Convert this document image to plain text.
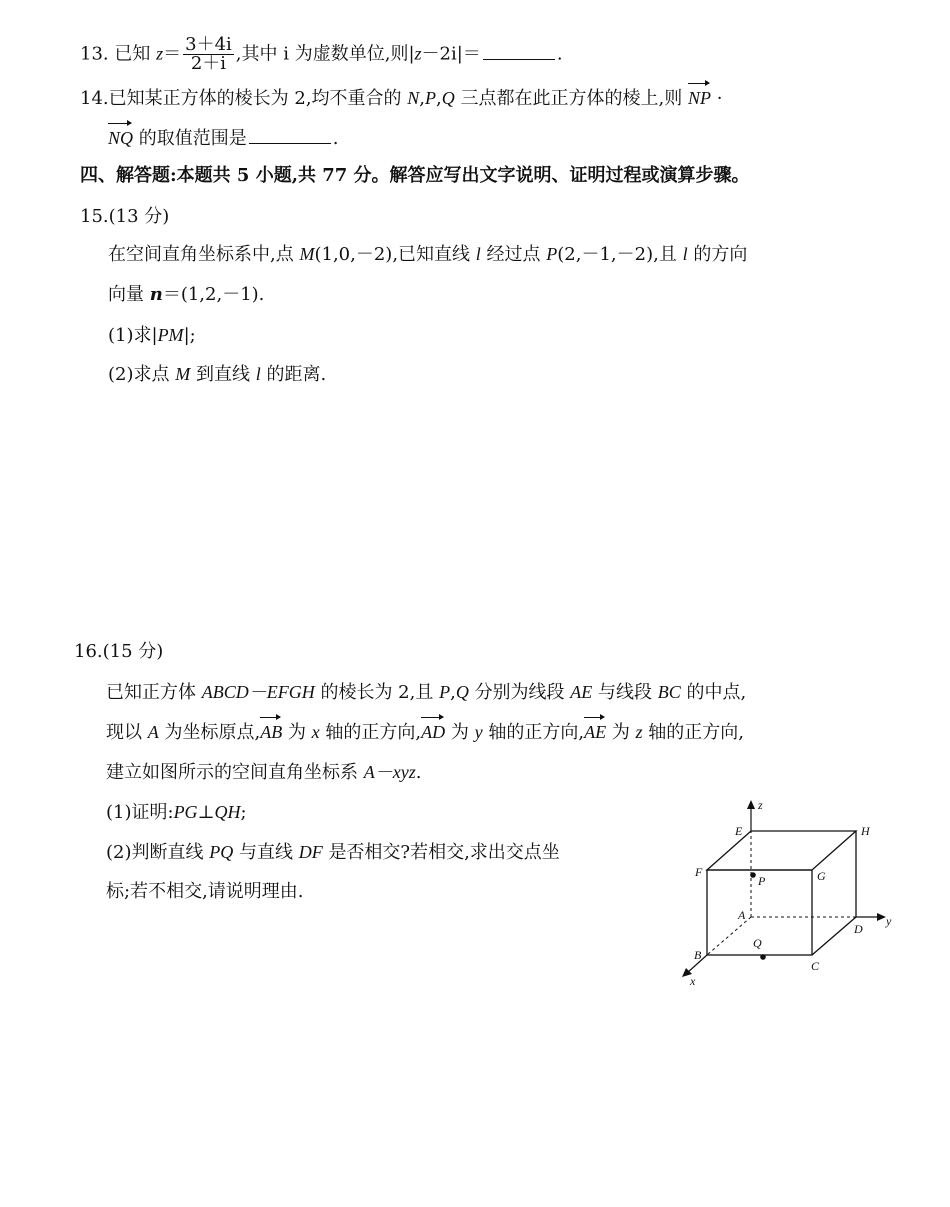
13. 已知 $z= \frac{3+4i}{2+i}$ ,其中 i 为虚数单位,则|z－2i|＝	.
14.已知某正方体的棱长为 2,均不重合的 N,P,Q 三点都在此正方体的棱上,则 NP ·
NQ 的取值范围是	.
四、解答题:本题共 5 小题,共 77 分。解答应写出文字说明、证明过程或演算步骤。
15.(13 分)
在空间直角坐标系中,点 M(1,0,－2),已知直线 l 经过点 P(2,－1,－2),且 l 的方向
向量 n＝(1,2,－1).
(1)求|PM|;
(2)求点 M 到直线 l 的距离.
16.(15 分)
已知正方体 ABCD－EFGH 的棱长为 2,且 P,Q 分别为线段 AE 与线段 BC 的中点,
现以 A 为坐标原点,AB 为 x 轴的正方向,AD 为 y 轴的正方向,AE 为 z 轴的正方向,
建立如图所示的空间直角坐标系 A－xyz.
(1)证明:PG⊥QH;
(2)判断直线 PQ 与直线 DF 是否相交?若相交,求出交点坐
标;若不相交,请说明理由.
z
E	H
F	G
P
A	y
D
Q
B
C
x
